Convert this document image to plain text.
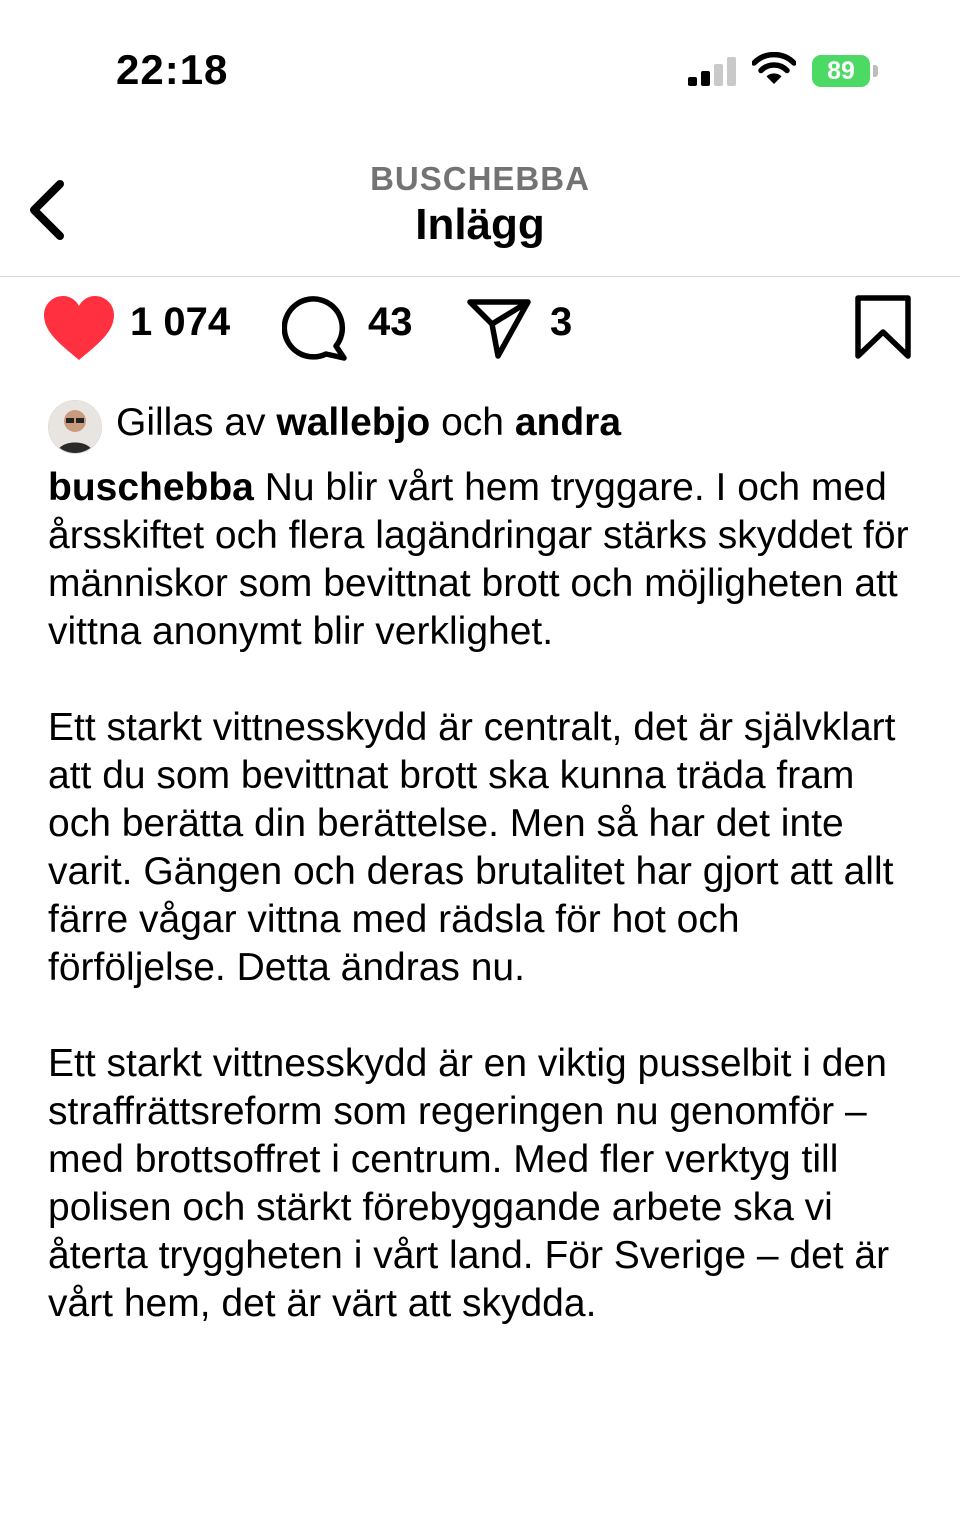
22:18	89
BUSCHEBBA
Inlägg
1 074	43	3
Gillas av wallebjo och andra

buschebba Nu blir vårt hem tryggare. I och med årsskiftet och flera lagändringar stärks skyddet för människor som bevittnat brott och möjligheten att vittna anonymt blir verklighet.

Ett starkt vittnesskydd är centralt, det är självklart att du som bevittnat brott ska kunna träda fram och berätta din berättelse. Men så har det inte varit. Gängen och deras brutalitet har gjort att allt färre vågar vittna med rädsla för hot och förföljelse. Detta ändras nu.

Ett starkt vittnesskydd är en viktig pusselbit i den straffrättsreform som regeringen nu genomför – med brottsoffret i centrum. Med fler verktyg till polisen och stärkt förebyggande arbete ska vi återta tryggheten i vårt land. För Sverige – det är vårt hem, det är värt att skydda.
